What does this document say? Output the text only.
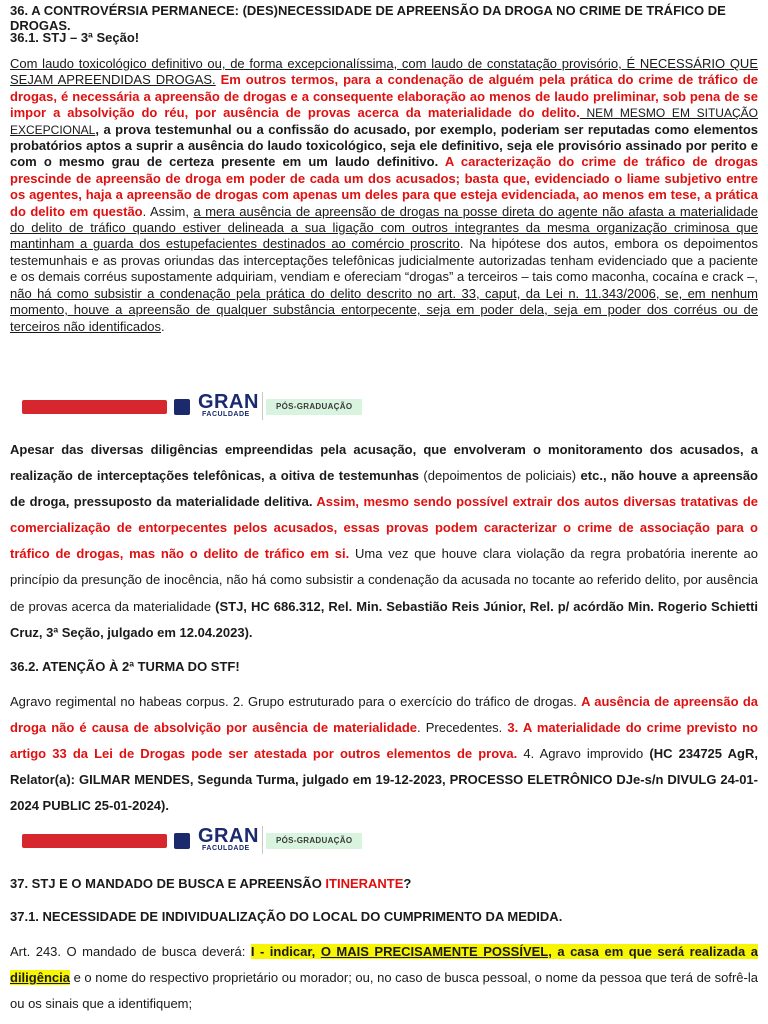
36. A CONTROVÉRSIA PERMANECE: (DES)NECESSIDADE DE APREENSÃO DA DROGA NO CRIME DE TRÁFICO DE DROGAS.

36.1. STJ – 3ª Seção!

Com laudo toxicológico definitivo ou, de forma excepcionalíssima, com laudo de constatação provisório, É NECESSÁRIO QUE SEJAM APREENDIDAS DROGAS. Em outros termos, para a condenação de alguém pela prática do crime de tráfico de drogas, é necessária a apreensão de drogas e a consequente elaboração ao menos de laudo preliminar, sob pena de se impor a absolvição do réu, por ausência de provas acerca da materialidade do delito. NEM MESMO EM SITUAÇÃO EXCEPCIONAL, a prova testemunhal ou a confissão do acusado, por exemplo, poderiam ser reputadas como elementos probatórios aptos a suprir a ausência do laudo toxicológico, seja ele definitivo, seja ele provisório assinado por perito e com o mesmo grau de certeza presente em um laudo definitivo. A caracterização do crime de tráfico de drogas prescinde de apreensão de droga em poder de cada um dos acusados; basta que, evidenciado o liame subjetivo entre os agentes, haja a apreensão de drogas com apenas um deles para que esteja evidenciada, ao menos em tese, a prática do delito em questão. Assim, a mera ausência de apreensão de drogas na posse direta do agente não afasta a materialidade do delito de tráfico quando estiver delineada a sua ligação com outros integrantes da mesma organização criminosa que mantinham a guarda dos estupefacientes destinados ao comércio proscrito. Na hipótese dos autos, embora os depoimentos testemunhais e as provas oriundas das interceptações telefônicas judicialmente autorizadas tenham evidenciado que a paciente e os demais corréus supostamente adquiriam, vendiam e ofereciam “drogas” a terceiros – tais como maconha, cocaína e crack –, não há como subsistir a condenação pela prática do delito descrito no art. 33, caput, da Lei n. 11.343/2006, se, em nenhum momento, houve a apreensão de qualquer substância entorpecente, seja em poder dela, seja em poder dos corréus ou de terceiros não identificados.

Apesar das diversas diligências empreendidas pela acusação, que envolveram o monitoramento dos acusados, a realização de interceptações telefônicas, a oitiva de testemunhas (depoimentos de policiais) etc., não houve a apreensão de droga, pressuposto da materialidade delitiva. Assim, mesmo sendo possível extrair dos autos diversas tratativas de comercialização de entorpecentes pelos acusados, essas provas podem caracterizar o crime de associação para o tráfico de drogas, mas não o delito de tráfico em si. Uma vez que houve clara violação da regra probatória inerente ao princípio da presunção de inocência, não há como subsistir a condenação da acusada no tocante ao referido delito, por ausência de provas acerca da materialidade (STJ, HC 686.312, Rel. Min. Sebastião Reis Júnior, Rel. p/ acórdão Min. Rogerio Schietti Cruz, 3ª Seção, julgado em 12.04.2023).

36.2. ATENÇÃO À 2ª TURMA DO STF!

Agravo regimental no habeas corpus. 2. Grupo estruturado para o exercício do tráfico de drogas. A ausência de apreensão da droga não é causa de absolvição por ausência de materialidade. Precedentes. 3. A materialidade do crime previsto no artigo 33 da Lei de Drogas pode ser atestada por outros elementos de prova. 4. Agravo improvido (HC 234725 AgR, Relator(a): GILMAR MENDES, Segunda Turma, julgado em 19-12-2023, PROCESSO ELETRÔNICO DJe-s/n DIVULG 24-01-2024 PUBLIC 25-01-2024).

37. STJ E O MANDADO DE BUSCA E APREENSÃO ITINERANTE?

37.1. NECESSIDADE DE INDIVIDUALIZAÇÃO DO LOCAL DO CUMPRIMENTO DA MEDIDA.

Art. 243. O mandado de busca deverá: I - indicar, O MAIS PRECISAMENTE POSSÍVEL, a casa em que será realizada a diligência e o nome do respectivo proprietário ou morador; ou, no caso de busca pessoal, o nome da pessoa que terá de sofrê-la ou os sinais que a identifiquem;

GRAN
FACULDADE
PÓS-GRADUAÇÃO
GRAN
FACULDADE
PÓS-GRADUAÇÃO
